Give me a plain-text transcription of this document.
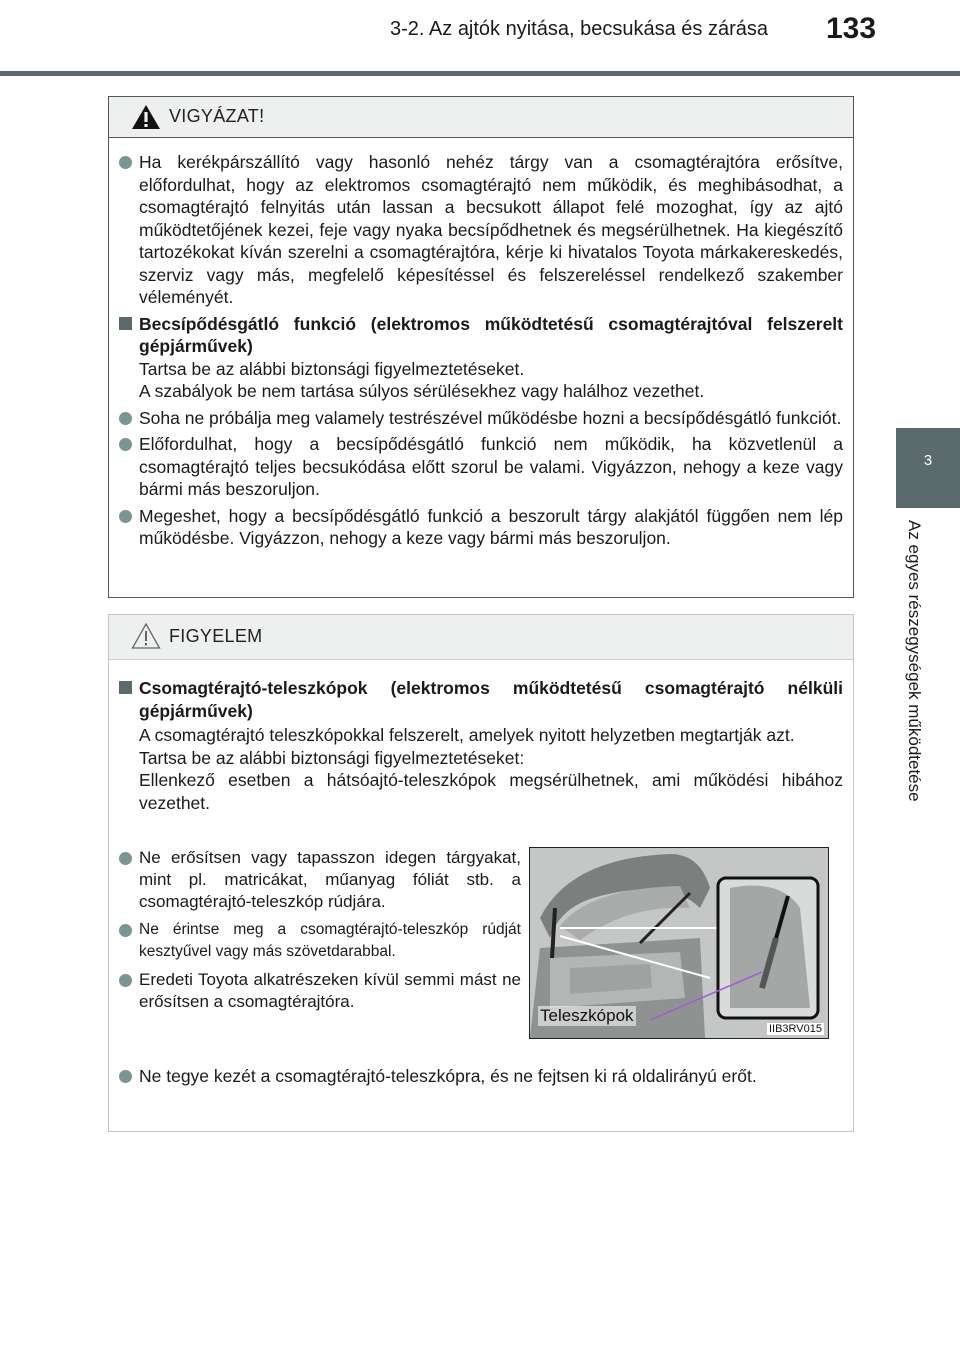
3-2. Az ajtók nyitása, becsukása és zárása 133
3
Az egyes részegységek működtetése
VIGYÁZAT!
Ha kerékpárszállító vagy hasonló nehéz tárgy van a csomagtérajtóra erősítve, előfordulhat, hogy az elektromos csomagtérajtó nem működik, és meghibásodhat, a csomagtérajtó felnyitás után lassan a becsukott állapot felé mozoghat, így az ajtó működtetőjének kezei, feje vagy nyaka becsípődhetnek és megsérülhetnek. Ha kiegészítő tartozékokat kíván szerelni a csomagtérajtóra, kérje ki hivatalos Toyota márkakereskedés, szerviz vagy más, megfelelő képesítéssel és felszereléssel rendelkező szakember véleményét.
Becsípődésgátló funkció (elektromos működtetésű csomagtérajtóval felszerelt gépjárművek)
Tartsa be az alábbi biztonsági figyelmeztetéseket.
A szabályok be nem tartása súlyos sérülésekhez vagy halálhoz vezethet.
Soha ne próbálja meg valamely testrészével működésbe hozni a becsípődésgátló funkciót.
Előfordulhat, hogy a becsípődésgátló funkció nem működik, ha közvetlenül a csomagtérajtó teljes becsukódása előtt szorul be valami. Vigyázzon, nehogy a keze vagy bármi más beszoruljon.
Megeshet, hogy a becsípődésgátló funkció a beszorult tárgy alakjától függően nem lép működésbe. Vigyázzon, nehogy a keze vagy bármi más beszoruljon.
FIGYELEM
Csomagtérajtó-teleszkópok (elektromos működtetésű csomagtérajtó nélküli gépjárművek)
A csomagtérajtó teleszkópokkal felszerelt, amelyek nyitott helyzetben megtartják azt.
Tartsa be az alábbi biztonsági figyelmeztetéseket:
Ellenkező esetben a hátsóajtó-teleszkópok megsérülhetnek, ami működési hibához vezethet.
Ne erősítsen vagy tapasszon idegen tárgyakat, mint pl. matricákat, műanyag fóliát stb. a csomagtérajtó-teleszkóp rúdjára.
Ne érintse meg a csomagtérajtó-teleszkóp rúdját kesztyűvel vagy más szövetdarabbal.
Eredeti Toyota alkatrészeken kívül semmi mást ne erősítsen a csomagtérajtóra.
Teleszkópok
IIB3RV015
Ne tegye kezét a csomagtérajtó-teleszkópra, és ne fejtsen ki rá oldalirányú erőt.
